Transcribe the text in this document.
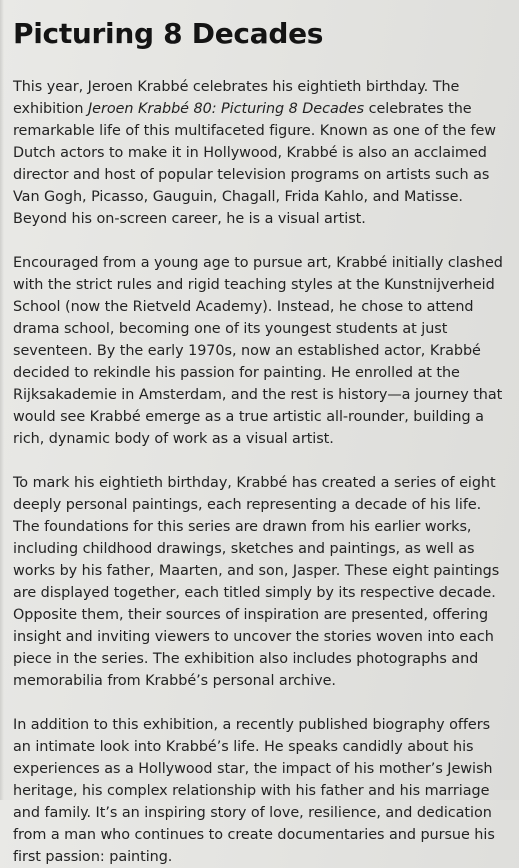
Picturing 8 Decades

This year, Jeroen Krabbé celebrates his eightieth birthday. The exhibition Jeroen Krabbé 80: Picturing 8 Decades celebrates the remarkable life of this multifaceted figure. Known as one of the few Dutch actors to make it in Hollywood, Krabbé is also an acclaimed director and host of popular television programs on artists such as Van Gogh, Picasso, Gauguin, Chagall, Frida Kahlo, and Matisse. Beyond his on-screen career, he is a visual artist.

Encouraged from a young age to pursue art, Krabbé initially clashed with the strict rules and rigid teaching styles at the Kunstnijverheid School (now the Rietveld Academy). Instead, he chose to attend drama school, becoming one of its youngest students at just seventeen. By the early 1970s, now an established actor, Krabbé decided to rekindle his passion for painting. He enrolled at the Rijksakademie in Amsterdam, and the rest is history—a journey that would see Krabbé emerge as a true artistic all-rounder, building a rich, dynamic body of work as a visual artist.

To mark his eightieth birthday, Krabbé has created a series of eight deeply personal paintings, each representing a decade of his life. The foundations for this series are drawn from his earlier works, including childhood drawings, sketches and paintings, as well as works by his father, Maarten, and son, Jasper. These eight paintings are displayed together, each titled simply by its respective decade. Opposite them, their sources of inspiration are presented, offering insight and inviting viewers to uncover the stories woven into each piece in the series. The exhibition also includes photographs and memorabilia from Krabbé’s personal archive.

In addition to this exhibition, a recently published biography offers an intimate look into Krabbé’s life. He speaks candidly about his experiences as a Hollywood star, the impact of his mother’s Jewish heritage, his complex relationship with his father and his marriage and family. It’s an inspiring story of love, resilience, and dedication from a man who continues to create documentaries and pursue his first passion: painting.
